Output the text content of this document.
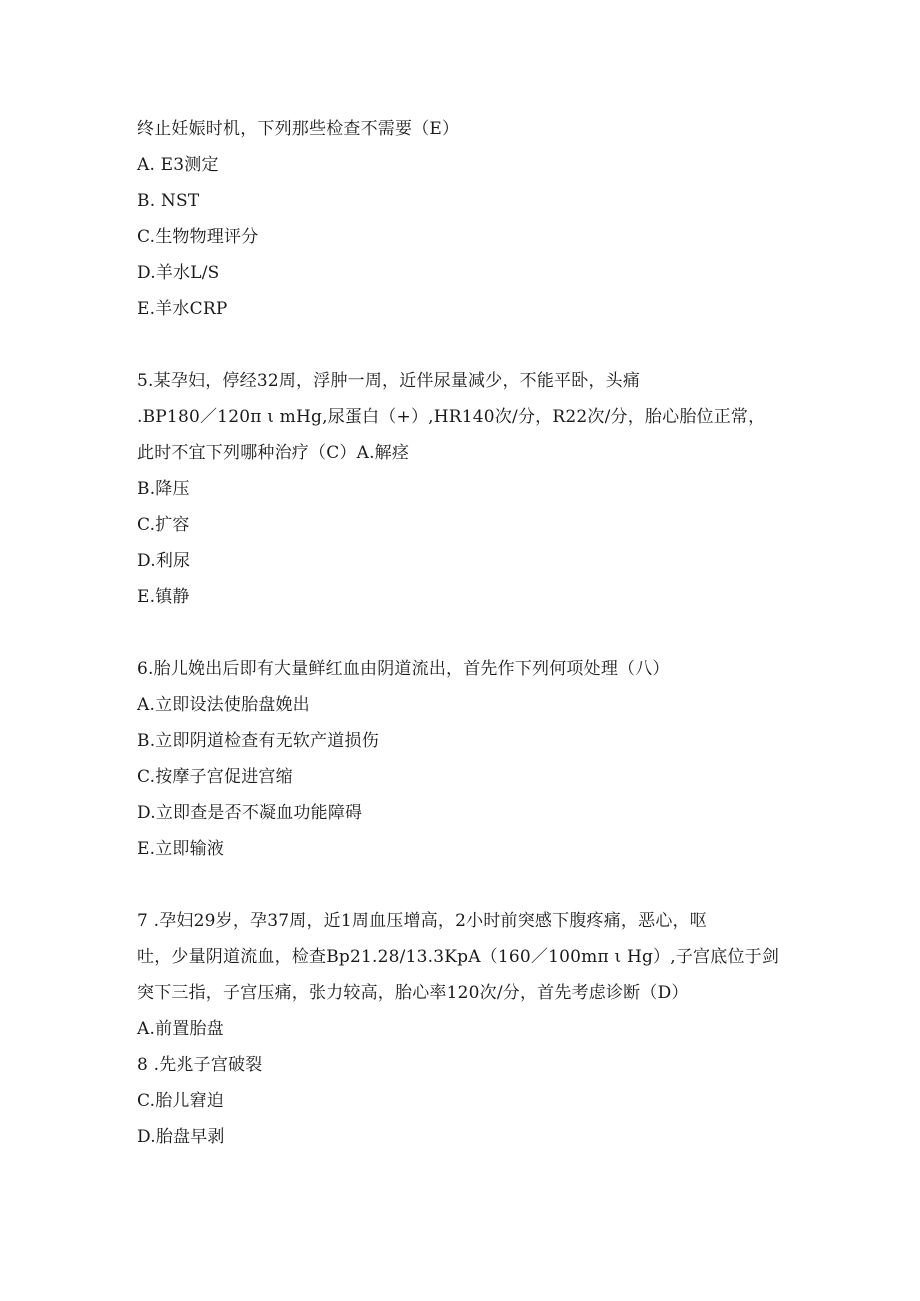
终止妊娠时机，下列那些检查不需要（E）
A. E3测定
B. NST
C.生物物理评分
D.羊水L/S
E.羊水CRP
5.某孕妇，停经32周，浮肿一周，近伴尿量减少，不能平卧，头痛
.BP180／120π ι mHg,尿蛋白（+）,HR140次/分，R22次/分，胎心胎位正常，
此时不宜下列哪种治疗（C）A.解痉
B.降压
C.扩容
D.利尿
E.镇静
6.胎儿娩出后即有大量鲜红血由阴道流出，首先作下列何项处理（八）
A.立即设法使胎盘娩出
B.立即阴道检查有无软产道损伤
C.按摩子宫促进宫缩
D.立即查是否不凝血功能障碍
E.立即输液
7 .孕妇29岁，孕37周，近1周血压增高，2小时前突感下腹疼痛，恶心，呕
吐，少量阴道流血，检查Bp21.28/13.3KpA（160／100mπ ι Hg）,子宫底位于剑
突下三指，子宫压痛，张力较高，胎心率120次/分，首先考虑诊断（D）
A.前置胎盘
8 .先兆子宫破裂
C.胎儿窘迫
D.胎盘早剥
